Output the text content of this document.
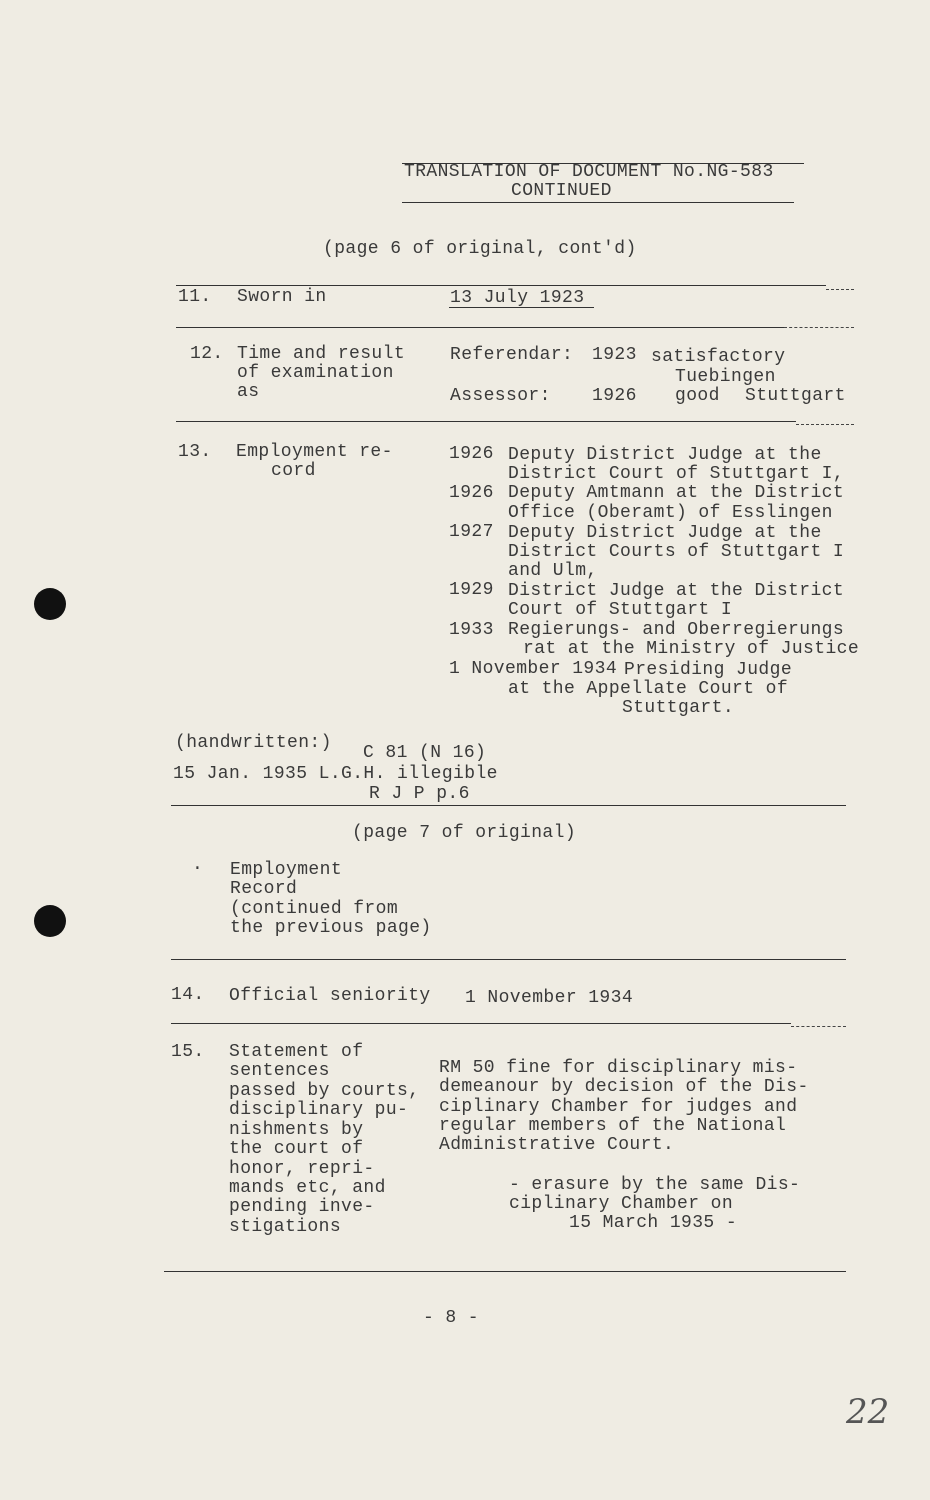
TRANSLATION OF DOCUMENT No.NG-583
CONTINUED
(page 6 of original, cont'd)
11. Sworn in	13 July 1923
12. Time and result
of examination
as
Referendar: 1923 satisfactory
Tuebingen
Assessor: 1926 good Stuttgart
13. Employment re-
cord
1926 Deputy District Judge at the
District Court of Stuttgart I,
1926 Deputy Amtmann at the District
Office (Oberamt) of Esslingen
1927 Deputy District Judge at the
District Courts of Stuttgart I
and Ulm,
1929 District Judge at the District
Court of Stuttgart I
1933 Regierungs- and Oberregierungs
rat at the Ministry of Justice
1 November 1934 Presiding Judge
at the Appellate Court of
Stuttgart.
(handwritten:) C 81 (N 16)
15 Jan. 1935 L.G.H. illegible
R J P p.6
(page 7 of original)
. Employment
Record
(continued from
the previous page)
14. Official seniority 1 November 1934
15. Statement of
sentences
passed by courts,
disciplinary pu-
nishments by
the court of
honor, repri-
mands etc, and
pending inve-
stigations
RM 50 fine for disciplinary mis-
demeanour by decision of the Dis-
ciplinary Chamber for judges and
regular members of the National
Administrative Court.
- erasure by the same Dis-
ciplinary Chamber on
15 March 1935 -
- 8 -
22
